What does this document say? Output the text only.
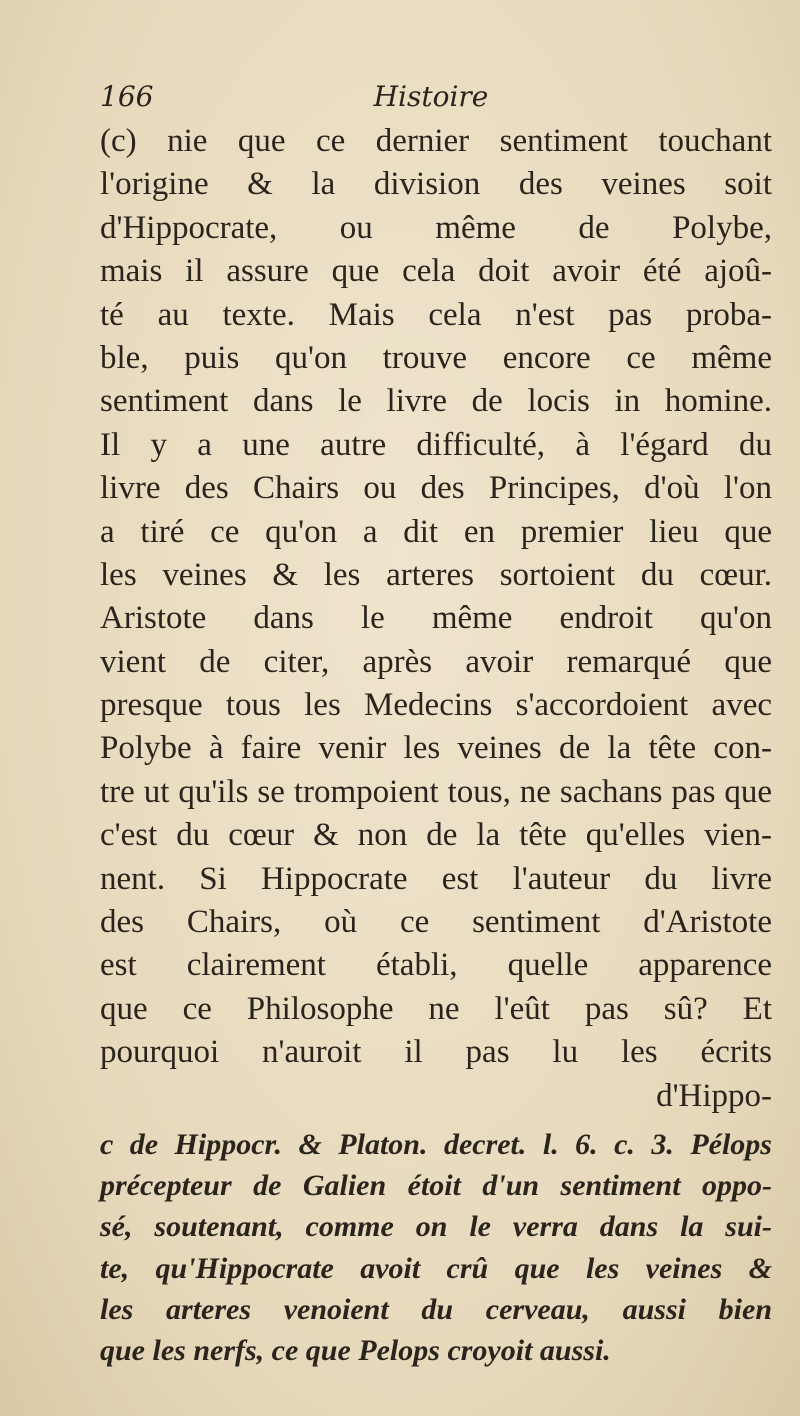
166	Histoire
(c) nie que ce dernier sentiment touchant
l'origine & la division des veines soit
d'Hippocrate, ou même de Polybe,
mais il assure que cela doit avoir été ajoû-
té au texte. Mais cela n'est pas proba-
ble, puis qu'on trouve encore ce même
sentiment dans le livre de locis in homine.
Il y a une autre difficulté, à l'égard du
livre des Chairs ou des Principes, d'où l'on
a tiré ce qu'on a dit en premier lieu que
les veines & les arteres sortoient du cœur.
Aristote dans le même endroit qu'on
vient de citer, après avoir remarqué que
presque tous les Medecins s'accordoient avec
Polybe à faire venir les veines de la tête con-
tre ut qu'ils se trompoient tous, ne sachans pas que
c'est du cœur & non de la tête qu'elles vien-
nent. Si Hippocrate est l'auteur du livre
des Chairs, où ce sentiment d'Aristote
est clairement établi, quelle apparence
que ce Philosophe ne l'eût pas sû? Et
pourquoi n'auroit il pas lu les écrits
d'Hippo-
c de Hippocr. & Platon. decret. l. 6. c. 3. Pélops
précepteur de Galien étoit d'un sentiment oppo-
sé, soutenant, comme on le verra dans la sui-
te, qu'Hippocrate avoit crû que les veines &
les arteres venoient du cerveau, aussi bien
que les nerfs, ce que Pelops croyoit aussi.
